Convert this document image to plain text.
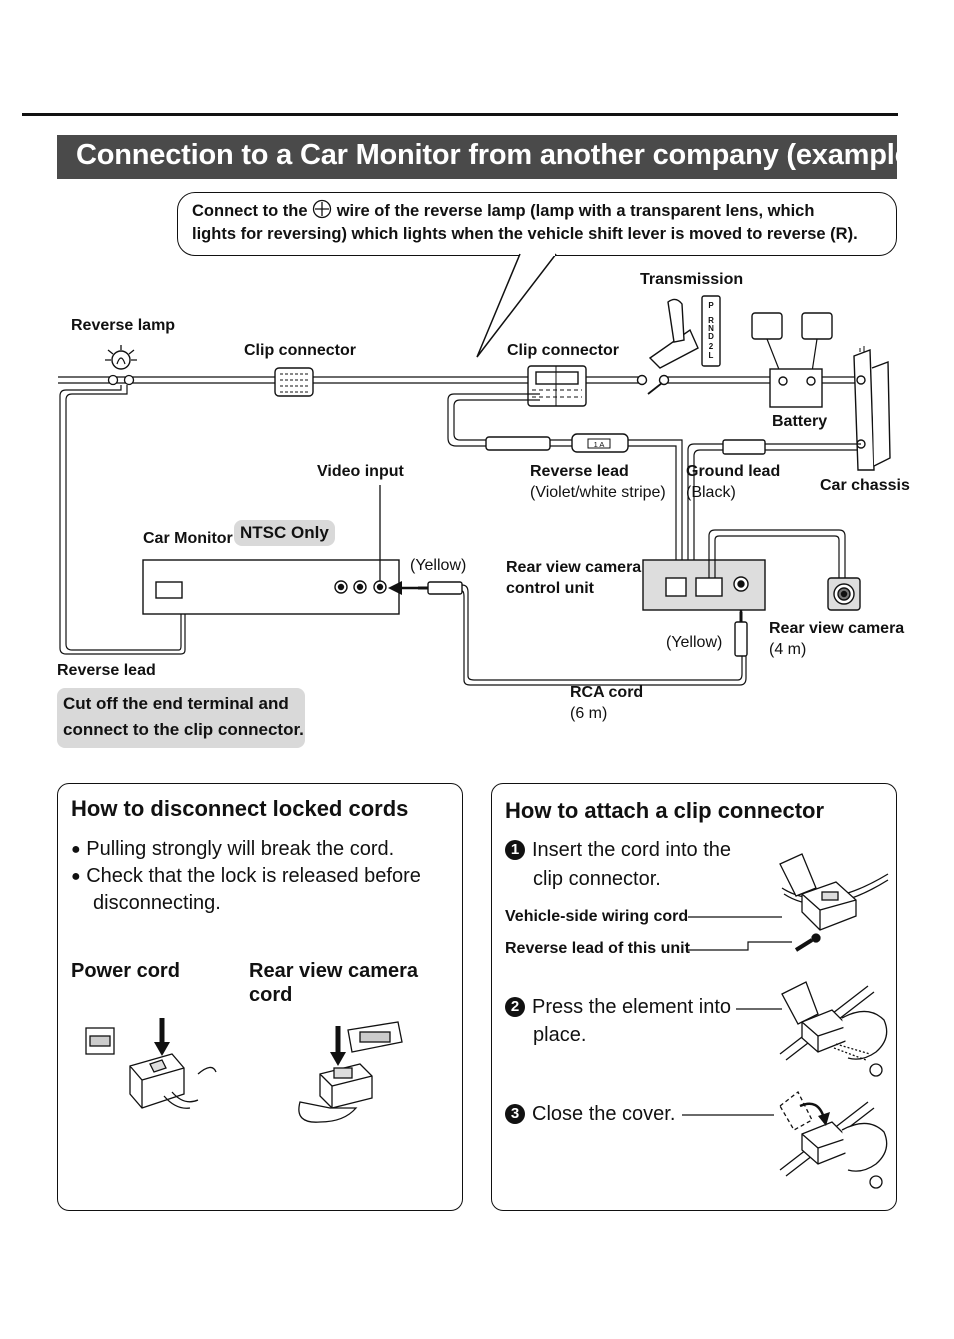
Connection to a Car Monitor from another company (example)
Connect to the wire of the reverse lamp (lamp with a transparent lens, which
lights for reversing) which lights when the vehicle shift lever is moved to reverse (R).
P
R
N
D
2
L
1 A
Reverse lamp
Clip connector	Clip connector
Transmission
Battery
Car chassis
Reverse lead
(Violet/white stripe)
Ground lead
(Black)
Video input
Car Monitor NTSC Only
(Yellow)
(Yellow)
Rear view camera
control unit
Rear view camera
(4 m)
Reverse lead
RCA cord
(6 m)
Cut off the end terminal and
connect to the clip connector.
How to disconnect locked cords
● Pulling strongly will break the cord.
● Check that the lock is released before
disconnecting.
Power cord	Rear view camera
cord
How to attach a clip connector
1 Insert the cord into the
clip connector.
Vehicle-side wiring cord
Reverse lead of this unit
2 Press the element into
place.
3 Close the cover.
